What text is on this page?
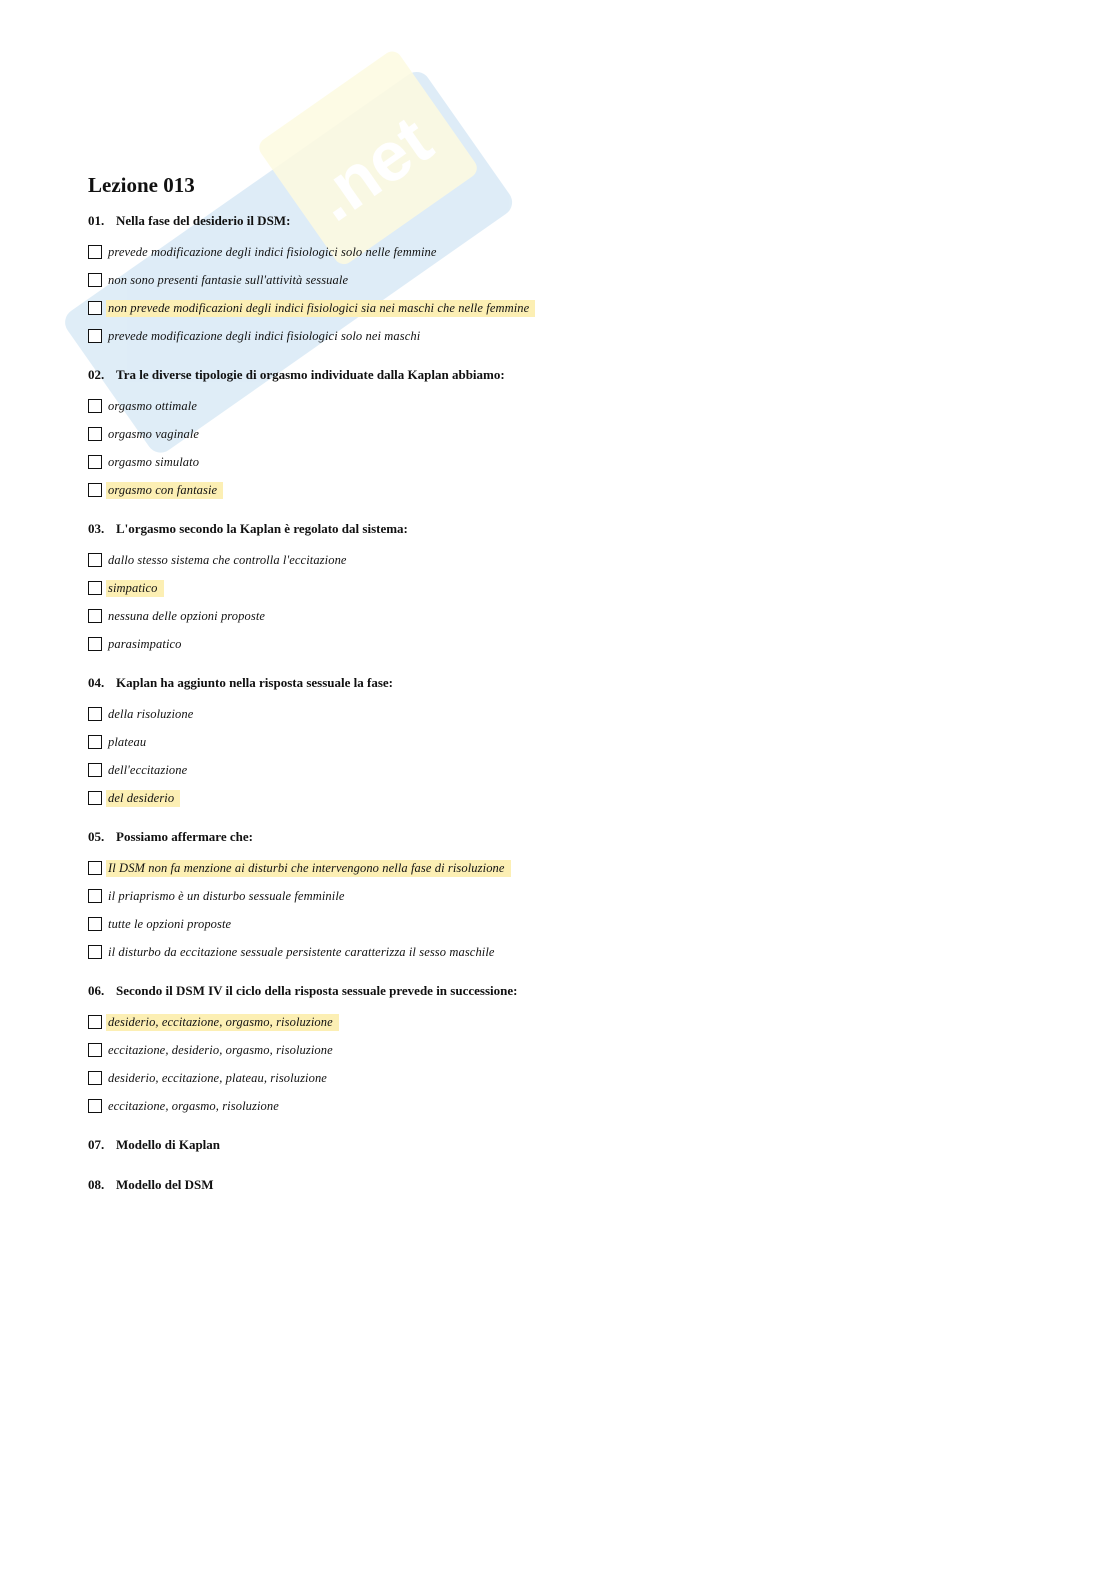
.net
Lezione 013
01. Nella fase del desiderio il DSM:
prevede modificazione degli indici fisiologici solo nelle femmine
non sono presenti fantasie sull'attività sessuale
non prevede modificazioni degli indici fisiologici sia nei maschi che nelle femmine
prevede modificazione degli indici fisiologici solo nei maschi
02. Tra le diverse tipologie di orgasmo individuate dalla Kaplan abbiamo:
orgasmo ottimale
orgasmo vaginale
orgasmo simulato
orgasmo con fantasie
03. L'orgasmo secondo la Kaplan è regolato dal sistema:
dallo stesso sistema che controlla l'eccitazione
simpatico
nessuna delle opzioni proposte
parasimpatico
04. Kaplan ha aggiunto nella risposta sessuale la fase:
della risoluzione
plateau
dell'eccitazione
del desiderio
05. Possiamo affermare che:
Il DSM non fa menzione ai disturbi che intervengono nella fase di risoluzione
il priaprismo è un disturbo sessuale femminile
tutte le opzioni proposte
il disturbo da eccitazione sessuale persistente caratterizza il sesso maschile
06. Secondo il DSM IV il ciclo della risposta sessuale prevede in successione:
desiderio, eccitazione, orgasmo, risoluzione
eccitazione, desiderio, orgasmo, risoluzione
desiderio, eccitazione, plateau, risoluzione
eccitazione, orgasmo, risoluzione
07. Modello di Kaplan
08. Modello del DSM
